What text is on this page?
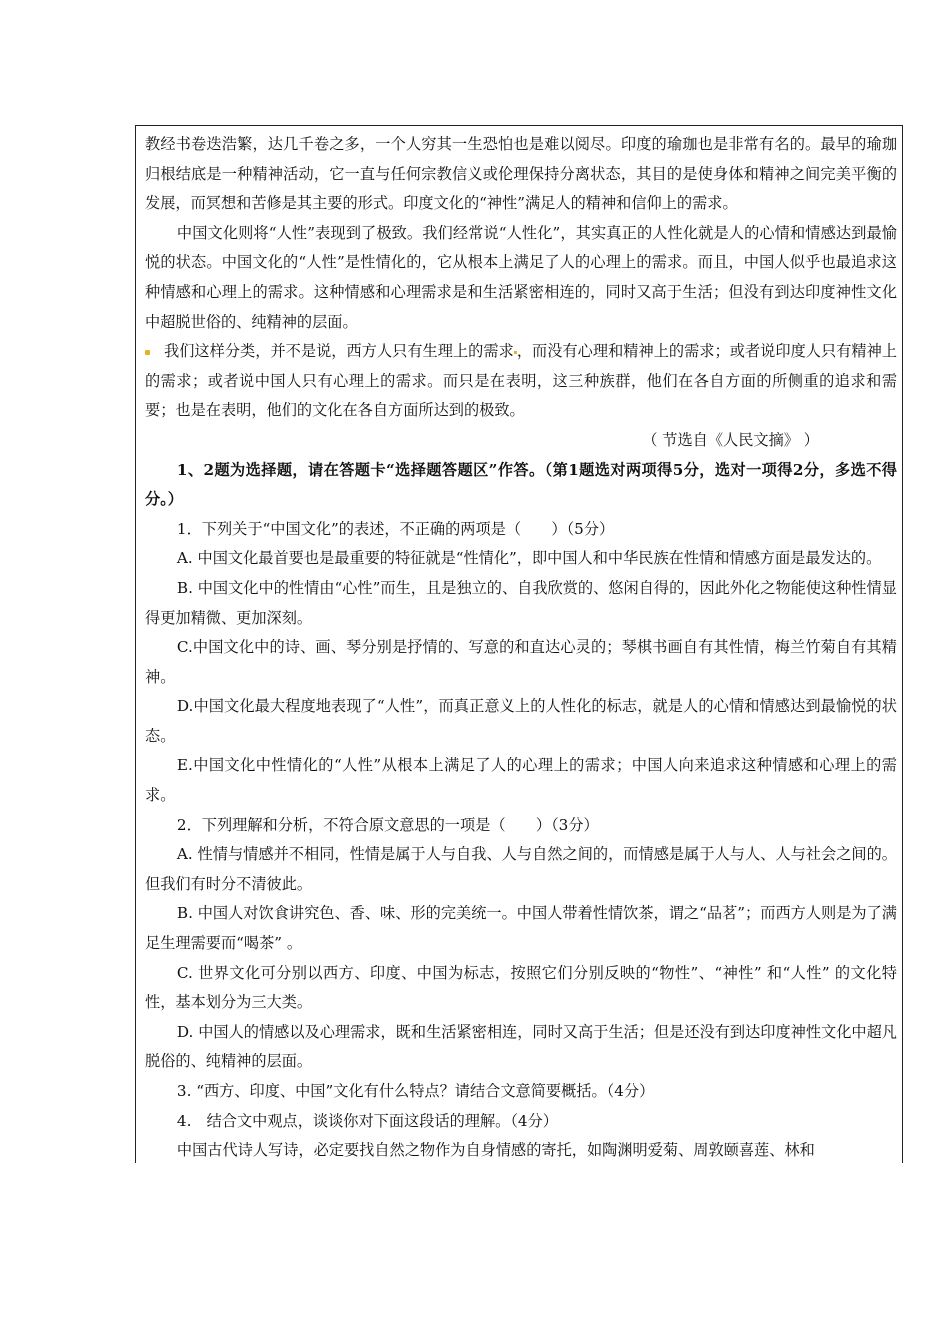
教经书卷迭浩繁，达几千卷之多，一个人穷其一生恐怕也是难以阅尽。印度的瑜珈也是非常有名的。最早的瑜珈归根结底是一种精神活动，它一直与任何宗教信义或伦理保持分离状态，其目的是使身体和精神之间完美平衡的发展，而冥想和苦修是其主要的形式。印度文化的“神性”满足人的精神和信仰上的需求。

中国文化则将“人性”表现到了极致。我们经常说“人性化”，其实真正的人性化就是人的心情和情感达到最愉悦的状态。中国文化的“人性”是性情化的，它从根本上满足了人的心理上的需求。而且，中国人似乎也最追求这种情感和心理上的需求。这种情感和心理需求是和生活紧密相连的，同时又高于生活；但没有到达印度神性文化中超脱世俗的、纯精神的层面。

我们这样分类，并不是说，西方人只有生理上的需求 ，而没有心理和精神上的需求；或者说印度人只有精神上的需求；或者说中国人只有心理上的需求。而只是在表明，这三种族群，他们在各自方面的所侧重的追求和需要；也是在表明，他们的文化在各自方面所达到的极致。

（ 节选自《人民文摘》 ）

1、2题为选择题，请在答题卡“选择题答题区”作答。（第1题选对两项得5分，选对一项得2分，多选不得分。）

1．下列关于“中国文化”的表述，不正确的两项是（　　）（5分）

A. 中国文化最首要也是最重要的特征就是“性情化”，即中国人和中华民族在性情和情感方面是最发达的。

B. 中国文化中的性情由“心性”而生，且是独立的、自我欣赏的、悠闲自得的，因此外化之物能使这种性情显得更加精微、更加深刻。

C.中国文化中的诗、画、琴分别是抒情的、写意的和直达心灵的；琴棋书画自有其性情，梅兰竹菊自有其精神。

D.中国文化最大程度地表现了“人性”，而真正意义上的人性化的标志，就是人的心情和情感达到最愉悦的状态。

E.中国文化中性情化的“人性”从根本上满足了人的心理上的需求；中国人向来追求这种情感和心理上的需求。

2．下列理解和分析，不符合原文意思的一项是（　　）（3分）

A. 性情与情感并不相同，性情是属于人与自我、人与自然之间的，而情感是属于人与人、人与社会之间的。但我们有时分不清彼此。

B. 中国人对饮食讲究色、香、味、形的完美统一。中国人带着性情饮茶，谓之“品茗”；而西方人则是为了满足生理需要而“喝茶” 。

C. 世界文化可分别以西方、印度、中国为标志，按照它们分别反映的“物性”、“神性” 和“人性” 的文化特性，基本划分为三大类。

D. 中国人的情感以及心理需求，既和生活紧密相连，同时又高于生活；但是还没有到达印度神性文化中超凡脱俗的、纯精神的层面。

3. “西方、印度、中国”文化有什么特点？请结合文意简要概括。（4分）

4.　结合文中观点，谈谈你对下面这段话的理解。（4分）

中国古代诗人写诗，必定要找自然之物作为自身情感的寄托，如陶渊明爱菊、周敦颐喜莲、林和
